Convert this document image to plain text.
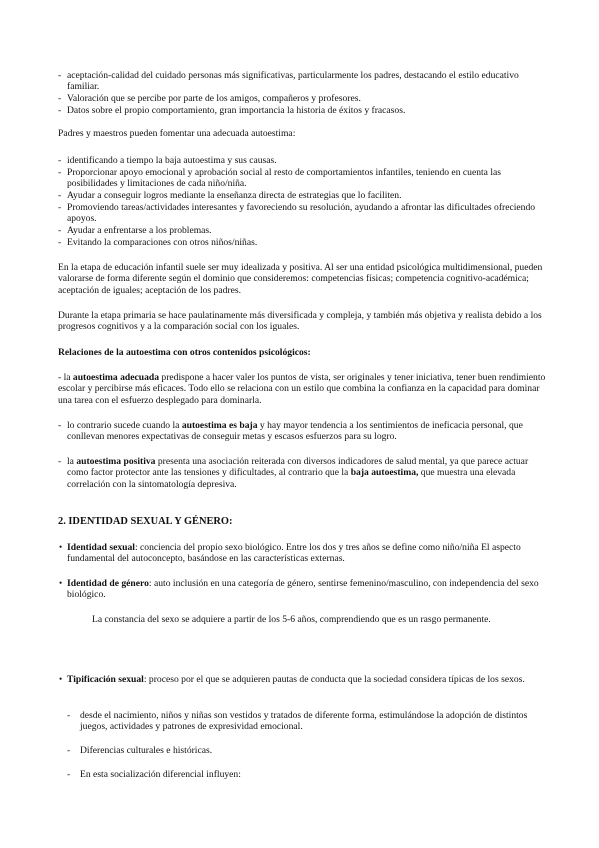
- aceptación-calidad del cuidado personas más significativas, particularmente los padres, destacando el estilo educativo familiar.
- Valoración que se percibe por parte de los amigos, compañeros y profesores.
- Datos sobre el propio comportamiento, gran importancia la historia de éxitos y fracasos.
Padres y maestros pueden fomentar una adecuada autoestima:
- identificando a tiempo la baja autoestima y sus causas.
- Proporcionar apoyo emocional y aprobación social al resto de comportamientos infantiles, teniendo en cuenta las posibilidades y limitaciones de cada niño/niña.
- Ayudar a conseguir logros mediante la enseñanza directa de estrategias que lo faciliten.
- Promoviendo tareas/actividades interesantes y favoreciendo su resolución, ayudando a afrontar las dificultades ofreciendo apoyos.
- Ayudar a enfrentarse a los problemas.
- Evitando la comparaciones con otros niños/niñas.
En la etapa de educación infantil suele ser muy idealizada y positiva. Al ser una entidad psicológica multidimensional, pueden valorarse de forma diferente según el dominio que consideremos: competencias físicas; competencia cognitivo-académica; aceptación de iguales; aceptación de los padres.
Durante la etapa primaria se hace paulatinamente más diversificada y compleja, y también más objetiva y realista debido a los progresos cognitivos y a la comparación social con los iguales.
Relaciones de la autoestima con otros contenidos psicológicos:
- la autoestima adecuada predispone a hacer valer los puntos de vista, ser originales y tener iniciativa, tener buen rendimiento escolar y percibirse más eficaces. Todo ello se relaciona con un estilo que combina la confianza en la capacidad para dominar una tarea con el esfuerzo desplegado para dominarla.
- lo contrario sucede cuando la autoestima es baja y hay mayor tendencia a los sentimientos de ineficacia personal, que conllevan menores expectativas de conseguir metas y escasos esfuerzos para su logro.
- la autoestima positiva presenta una asociación reiterada con diversos indicadores de salud mental, ya que parece actuar como factor protector ante las tensiones y dificultades, al contrario que la baja autoestima, que muestra una elevada correlación con la sintomatología depresiva.
2. IDENTIDAD SEXUAL Y GÉNERO:
• Identidad sexual: conciencia del propio sexo biológico. Entre los dos y tres años se define como niño/niña El aspecto fundamental del autoconcepto, basándose en las características externas.
• Identidad de género: auto inclusión en una categoría de género, sentirse femenino/masculino, con independencia del sexo biológico.
La constancia del sexo se adquiere a partir de los 5-6 años, comprendiendo que es un rasgo permanente.
• Tipificación sexual: proceso por el que se adquieren pautas de conducta que la sociedad considera típicas de los sexos.
- desde el nacimiento, niños y niñas son vestidos y tratados de diferente forma, estimulándose la adopción de distintos juegos, actividades y patrones de expresividad emocional.
- Diferencias culturales e históricas.
- En esta socialización diferencial influyen:
